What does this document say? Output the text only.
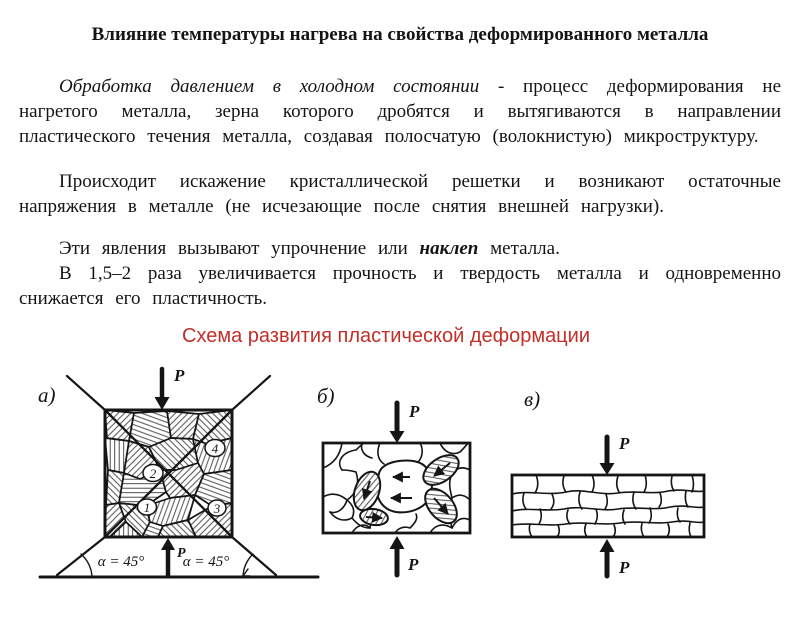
Влияние температуры нагрева на свойства деформированного металла

Обработка давлением в холодном состоянии - процесс деформирования не нагретого металла, зерна которого дробятся и вытягиваются в направлении пластического течения металла, создавая полосчатую (волокнистую) микроструктуру.

Происходит искажение кристаллической решетки и возникают остаточные напряжения в металле (не исчезающие после снятия внешней нагрузки).

Эти явления вызывают упрочнение или наклеп металла.

В 1,5–2 раза увеличивается прочность и твердость металла и одновременно снижается его пластичность.

Схема развития пластической деформации
а)
2
4
1	3
α = 45°	α = 45°
P
P
б)
P
P
в)
P
P
